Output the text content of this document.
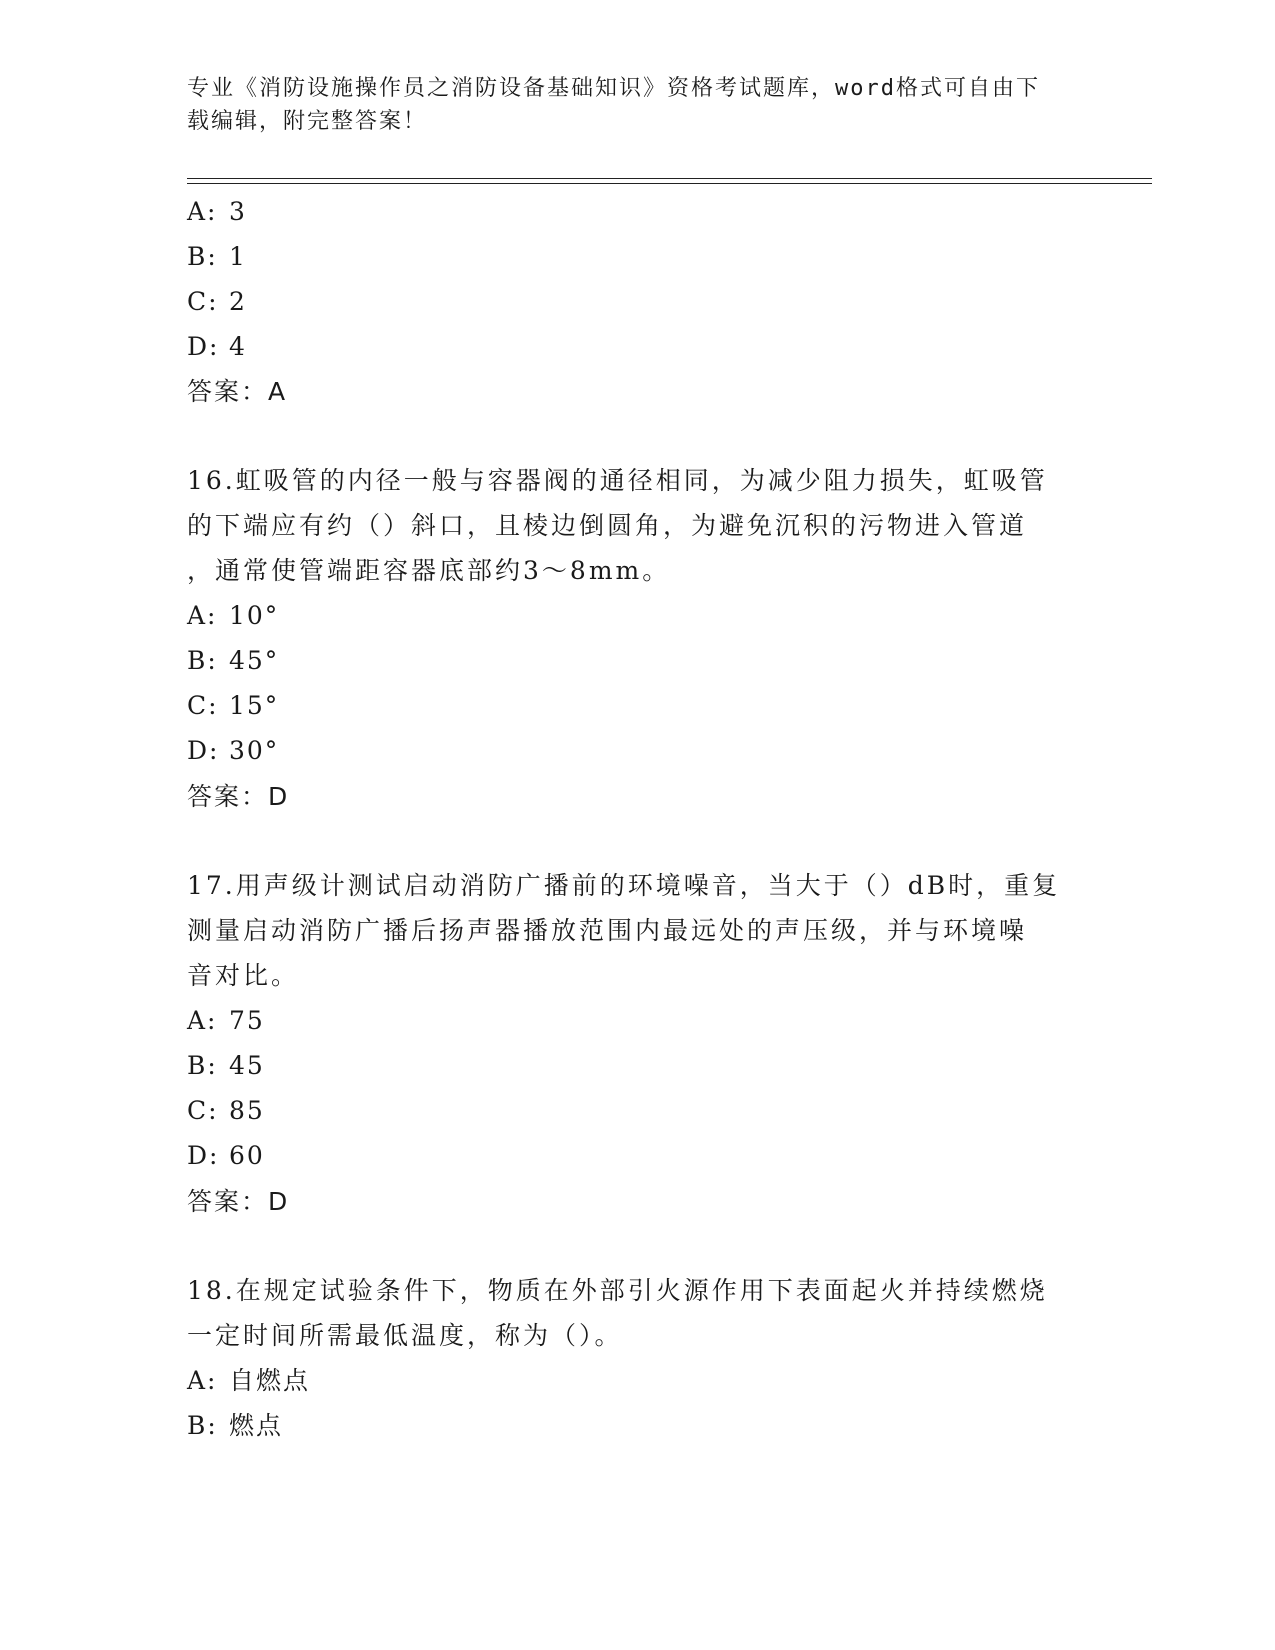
专业《消防设施操作员之消防设备基础知识》资格考试题库，word格式可自由下
载编辑，附完整答案！
A: 3
B: 1
C: 2
D: 4
答案：A
16.虹吸管的内径一般与容器阀的通径相同，为减少阻力损失，虹吸管
的下端应有约（）斜口，且棱边倒圆角，为避免沉积的污物进入管道
，通常使管端距容器底部约3～8mm。
A: 10°
B: 45°
C: 15°
D: 30°
答案：D
17.用声级计测试启动消防广播前的环境噪音，当大于（）dB时，重复
测量启动消防广播后扬声器播放范围内最远处的声压级，并与环境噪
音对比。
A: 75
B: 45
C: 85
D: 60
答案：D
18.在规定试验条件下，物质在外部引火源作用下表面起火并持续燃烧
一定时间所需最低温度，称为（）。
A: 自燃点
B: 燃点
